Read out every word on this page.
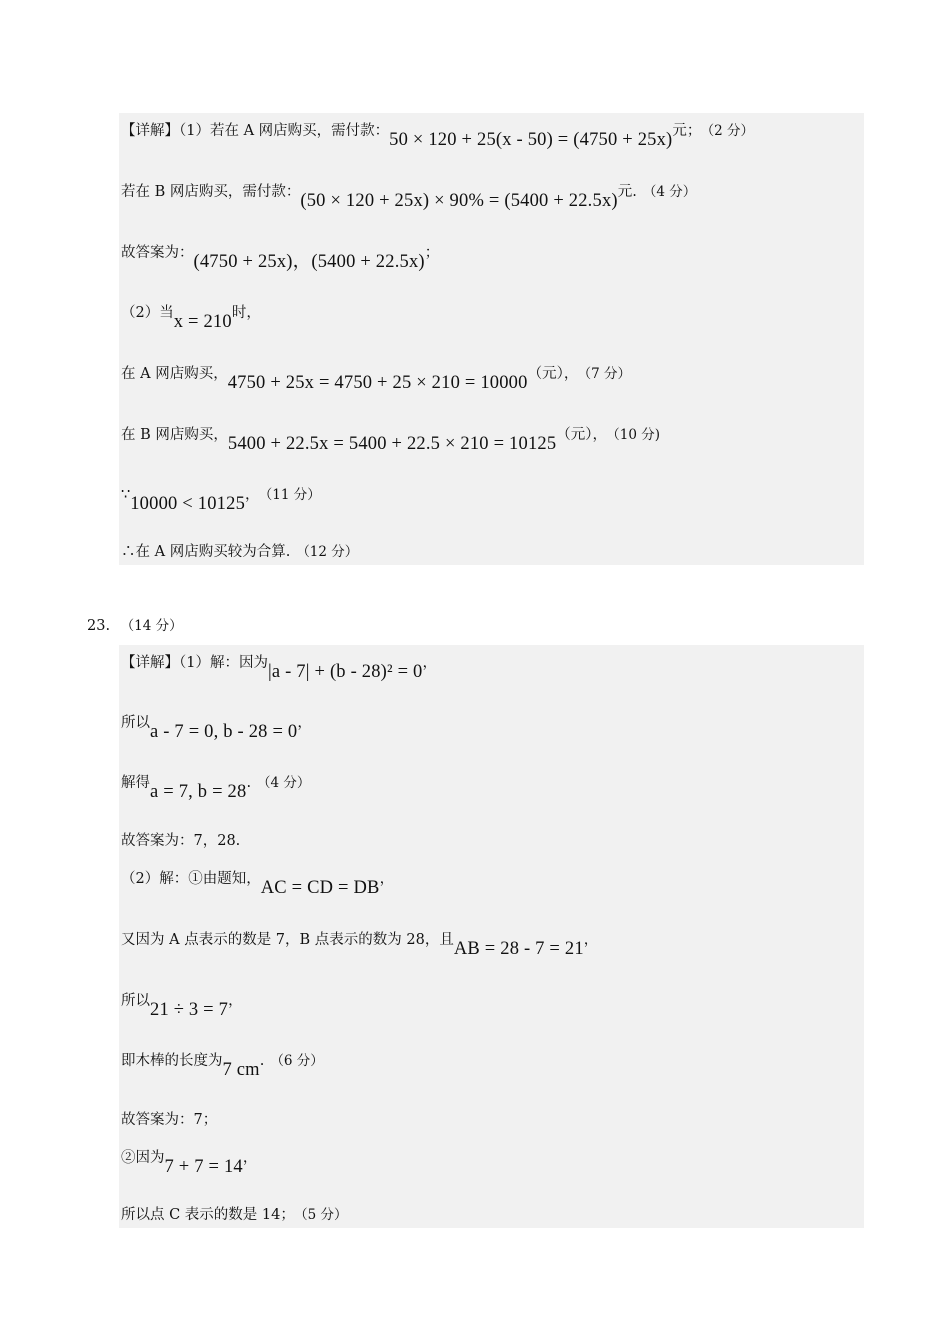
【详解】（1）若在 A 网店购买，需付款：50 × 120 + 25(x - 50) = (4750 + 25x)元； （2 分）
若在 B 网店购买，需付款：(50 × 120 + 25x) × 90% = (5400 + 22.5x)元. （4 分）
故答案为：(4750 + 25x)，(5400 + 22.5x)；
（2）当x = 210时，
在 A 网店购买，4750 + 25x = 4750 + 25 × 210 = 10000（元）， （7 分）
在 B 网店购买，5400 + 22.5x = 5400 + 22.5 × 210 = 10125（元）， （10 分)
∵10000 < 10125， （11 分）
∴在 A 网店购买较为合算. （12 分）
23. （14 分）
【详解】（1）解：因为|a - 7| + (b - 28)² = 0，
所以a - 7 = 0, b - 28 = 0，
解得a = 7, b = 28. （4 分）
故答案为：7，28.
（2）解：①由题知，AC = CD = DB，
又因为 A 点表示的数是 7，B 点表示的数为 28，且AB = 28 - 7 = 21，
所以21 ÷ 3 = 7，
即木棒的长度为7 cm. （6 分）
故答案为：7；
②因为7 + 7 = 14，
所以点 C 表示的数是 14； （5 分）
